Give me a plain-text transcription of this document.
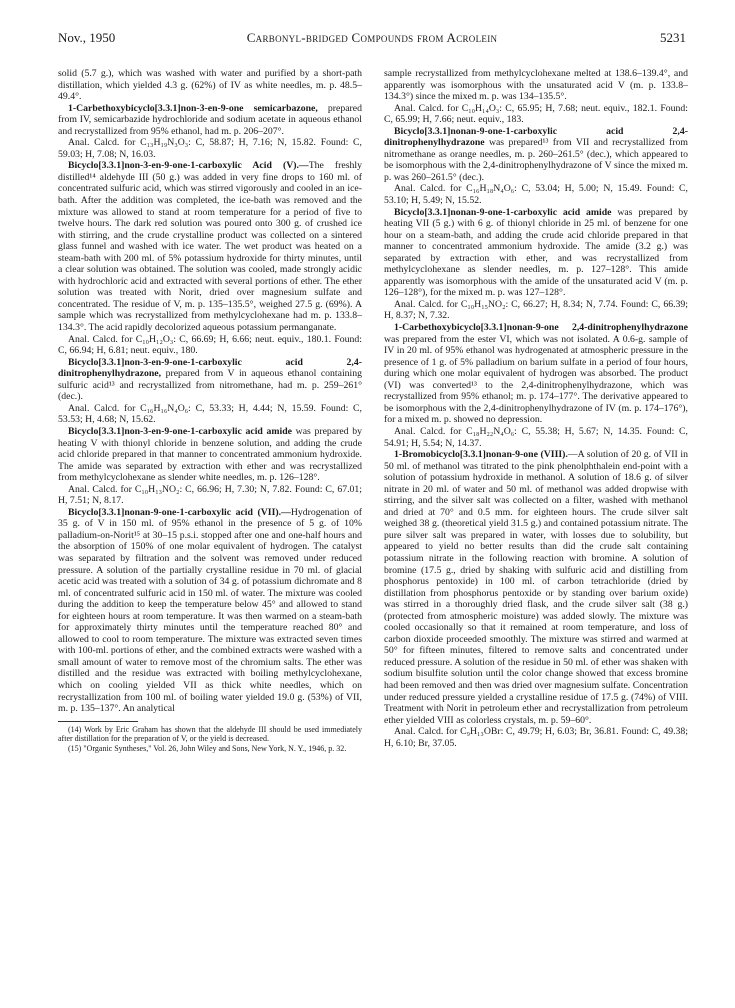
Nov., 1950	Carbonyl-bridged Compounds from Acrolein	5231

solid (5.7 g.), which was washed with water and purified by a short-path distillation, which yielded 4.3 g. (62%) of IV as white needles, m. p. 48.5–49.4°.

1-Carbethoxybicyclo[3.3.1]non-3-en-9-one semicarbazone, prepared from IV, semicarbazide hydrochloride and sodium acetate in aqueous ethanol and recrystallized from 95% ethanol, had m. p. 206–207°.

Anal. Calcd. for C₁₃H₁₉N₃O₃: C, 58.87; H, 7.16; N, 15.82. Found: C, 59.03; H, 7.08; N, 16.03.

Bicyclo[3.3.1]non-3-en-9-one-1-carboxylic Acid (V).—The freshly distilled¹⁴ aldehyde III (50 g.) was added in very fine drops to 160 ml. of concentrated sulfuric acid, which was stirred vigorously and cooled in an ice-bath. After the addition was completed, the ice-bath was removed and the mixture was allowed to stand at room temperature for a period of five to twelve hours. The dark red solution was poured onto 300 g. of crushed ice with stirring, and the crude crystalline product was collected on a sintered glass funnel and washed with ice water. The wet product was heated on a steam-bath with 200 ml. of 5% potassium hydroxide for thirty minutes, until a clear solution was obtained. The solution was cooled, made strongly acidic with hydrochloric acid and extracted with several portions of ether. The ether solution was treated with Norit, dried over magnesium sulfate and concentrated. The residue of V, m. p. 135–135.5°, weighed 27.5 g. (69%). A sample which was recrystallized from methylcyclohexane had m. p. 133.8–134.3°. The acid rapidly decolorized aqueous potassium permanganate.

Anal. Calcd. for C₁₀H₁₂O₃: C, 66.69; H, 6.66; neut. equiv., 180.1. Found: C, 66.94; H, 6.81; neut. equiv., 180.

Bicyclo[3.3.1]non-3-en-9-one-1-carboxylic acid 2,4-dinitrophenylhydrazone, prepared from V in aqueous ethanol containing sulfuric acid¹³ and recrystallized from nitromethane, had m. p. 259–261° (dec.).

Anal. Calcd. for C₁₆H₁₆N₄O₆: C, 53.33; H, 4.44; N, 15.59. Found: C, 53.53; H, 4.68; N, 15.62.

Bicyclo[3.3.1]non-3-en-9-one-1-carboxylic acid amide was prepared by heating V with thionyl chloride in benzene solution, and adding the crude acid chloride prepared in that manner to concentrated ammonium hydroxide. The amide was separated by extraction with ether and was recrystallized from methylcyclohexane as slender white needles, m. p. 126–128°.

Anal. Calcd. for C₁₀H₁₃NO₂: C, 66.96; H, 7.30; N, 7.82. Found: C, 67.01; H, 7.51; N, 8.17.

Bicyclo[3.3.1]nonan-9-one-1-carboxylic acid (VII).—Hydrogenation of 35 g. of V in 150 ml. of 95% ethanol in the presence of 5 g. of 10% palladium-on-Norit¹⁵ at 30–15 p.s.i. stopped after one and one-half hours and the absorption of 150% of one molar equivalent of hydrogen. The catalyst was separated by filtration and the solvent was removed under reduced pressure. A solution of the partially crystalline residue in 70 ml. of glacial acetic acid was treated with a solution of 34 g. of potassium dichromate and 8 ml. of concentrated sulfuric acid in 150 ml. of water. The mixture was cooled during the addition to keep the temperature below 45° and allowed to stand for eighteen hours at room temperature. It was then warmed on a steam-bath for approximately thirty minutes until the temperature reached 80° and allowed to cool to room temperature. The mixture was extracted seven times with 100-ml. portions of ether, and the combined extracts were washed with a small amount of water to remove most of the chromium salts. The ether was distilled and the residue was extracted with boiling methylcyclohexane, which on cooling yielded VII as thick white needles, which on recrystallization from 100 ml. of boiling water yielded 19.0 g. (53%) of VII, m. p. 135–137°. An analytical

(14) Work by Eric Graham has shown that the aldehyde III should be used immediately after distillation for the preparation of V, or the yield is decreased.

(15) "Organic Syntheses," Vol. 26, John Wiley and Sons, New York, N. Y., 1946, p. 32.

sample recrystallized from methylcyclohexane melted at 138.6–139.4°, and apparently was isomorphous with the unsaturated acid V (m. p. 133.8–134.3°) since the mixed m. p. was 134–135.5°.

Anal. Calcd. for C₁₀H₁₄O₃: C, 65.95; H, 7.68; neut. equiv., 182.1. Found: C, 65.99; H, 7.66; neut. equiv., 183.

Bicyclo[3.3.1]nonan-9-one-1-carboxylic acid 2,4-dinitrophenylhydrazone was prepared¹³ from VII and recrystallized from nitromethane as orange needles, m. p. 260–261.5° (dec.), which appeared to be isomorphous with the 2,4-dinitrophenylhydrazone of V since the mixed m. p. was 260–261.5° (dec.).

Anal. Calcd. for C₁₆H₁₈N₄O₆: C, 53.04; H, 5.00; N, 15.49. Found: C, 53.10; H, 5.49; N, 15.52.

Bicyclo[3.3.1]nonan-9-one-1-carboxylic acid amide was prepared by heating VII (5 g.) with 6 g. of thionyl chloride in 25 ml. of benzene for one hour on a steam-bath, and adding the crude acid chloride prepared in that manner to concentrated ammonium hydroxide. The amide (3.2 g.) was separated by extraction with ether, and was recrystallized from methylcyclohexane as slender needles, m. p. 127–128°. This amide apparently was isomorphous with the amide of the unsaturated acid V (m. p. 126–128°), for the mixed m. p. was 127–128°.

Anal. Calcd. for C₁₀H₁₅NO₂: C, 66.27; H, 8.34; N, 7.74. Found: C, 66.39; H, 8.37; N, 7.32.

1-Carbethoxybicyclo[3.3.1]nonan-9-one 2,4-dinitrophenylhydrazone was prepared from the ester VI, which was not isolated. A 0.6-g. sample of IV in 20 ml. of 95% ethanol was hydrogenated at atmospheric pressure in the presence of 1 g. of 5% palladium on barium sulfate in a period of four hours, during which one molar equivalent of hydrogen was absorbed. The product (VI) was converted¹³ to the 2,4-dinitrophenylhydrazone, which was recrystallized from 95% ethanol; m. p. 174–177°. The derivative appeared to be isomorphous with the 2,4-dinitrophenylhydrazone of IV (m. p. 174–176°), for a mixed m. p. showed no depression.

Anal. Calcd. for C₁₈H₂₂N₄O₆: C, 55.38; H, 5.67; N, 14.35. Found: C, 54.91; H, 5.54; N, 14.37.

1-Bromobicyclo[3.3.1]nonan-9-one (VIII).—A solution of 20 g. of VII in 50 ml. of methanol was titrated to the pink phenolphthalein end-point with a solution of potassium hydroxide in methanol. A solution of 18.6 g. of silver nitrate in 20 ml. of water and 50 ml. of methanol was added dropwise with stirring, and the silver salt was collected on a filter, washed with methanol and dried at 70° and 0.5 mm. for eighteen hours. The crude silver salt weighed 38 g. (theoretical yield 31.5 g.) and contained potassium nitrate. The pure silver salt was prepared in water, with losses due to solubility, but appeared to yield no better results than did the crude salt containing potassium nitrate in the following reaction with bromine. A solution of bromine (17.5 g., dried by shaking with sulfuric acid and distilling from phosphorus pentoxide) in 100 ml. of carbon tetrachloride (dried by distillation from phosphorus pentoxide or by standing over barium oxide) was stirred in a thoroughly dried flask, and the crude silver salt (38 g.) (protected from atmospheric moisture) was added slowly. The mixture was cooled occasionally so that it remained at room temperature, and loss of carbon dioxide proceeded smoothly. The mixture was stirred and warmed at 50° for fifteen minutes, filtered to remove salts and concentrated under reduced pressure. A solution of the residue in 50 ml. of ether was shaken with sodium bisulfite solution until the color change showed that excess bromine had been removed and then was dried over magnesium sulfate. Concentration under reduced pressure yielded a crystalline residue of 17.5 g. (74%) of VIII. Treatment with Norit in petroleum ether and recrystallization from petroleum ether yielded VIII as colorless crystals, m. p. 59–60°.

Anal. Calcd. for C₉H₁₃OBr: C, 49.79; H, 6.03; Br, 36.81. Found: C, 49.38; H, 6.10; Br, 37.05.
